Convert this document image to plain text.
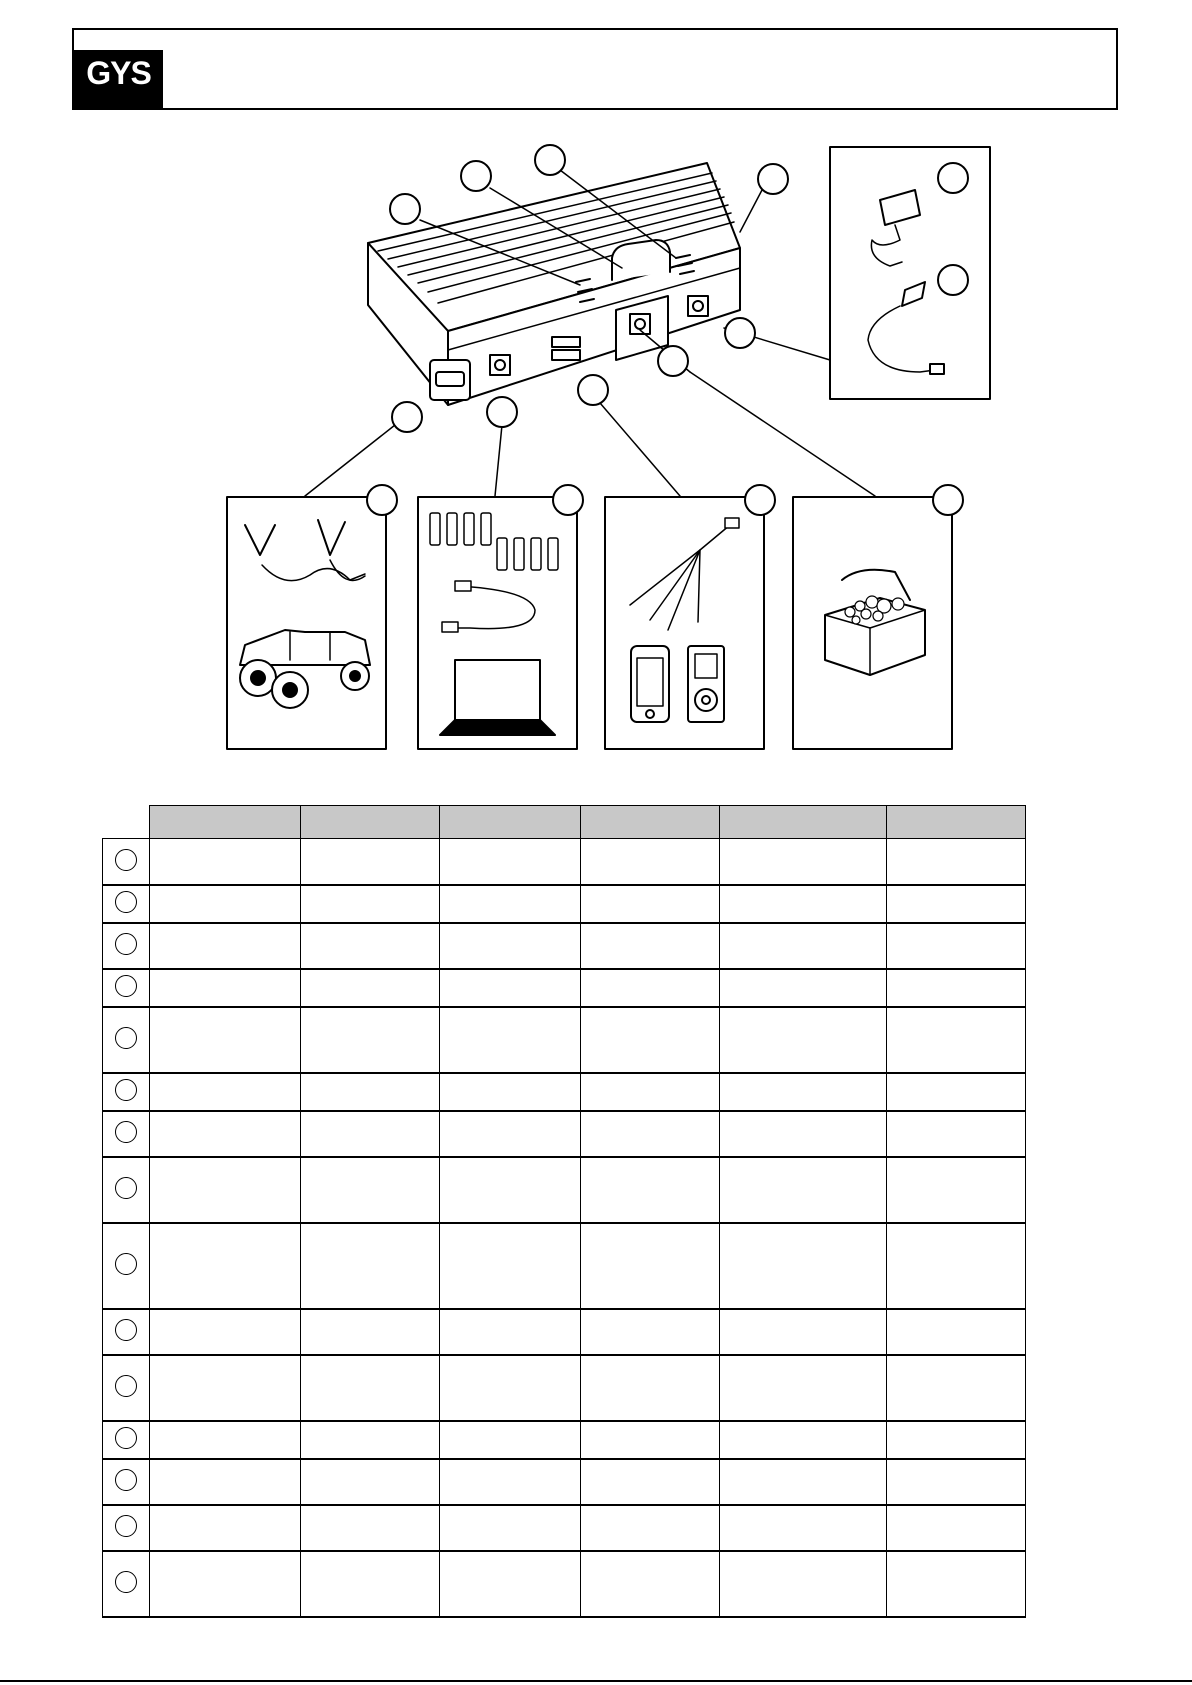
GYS
